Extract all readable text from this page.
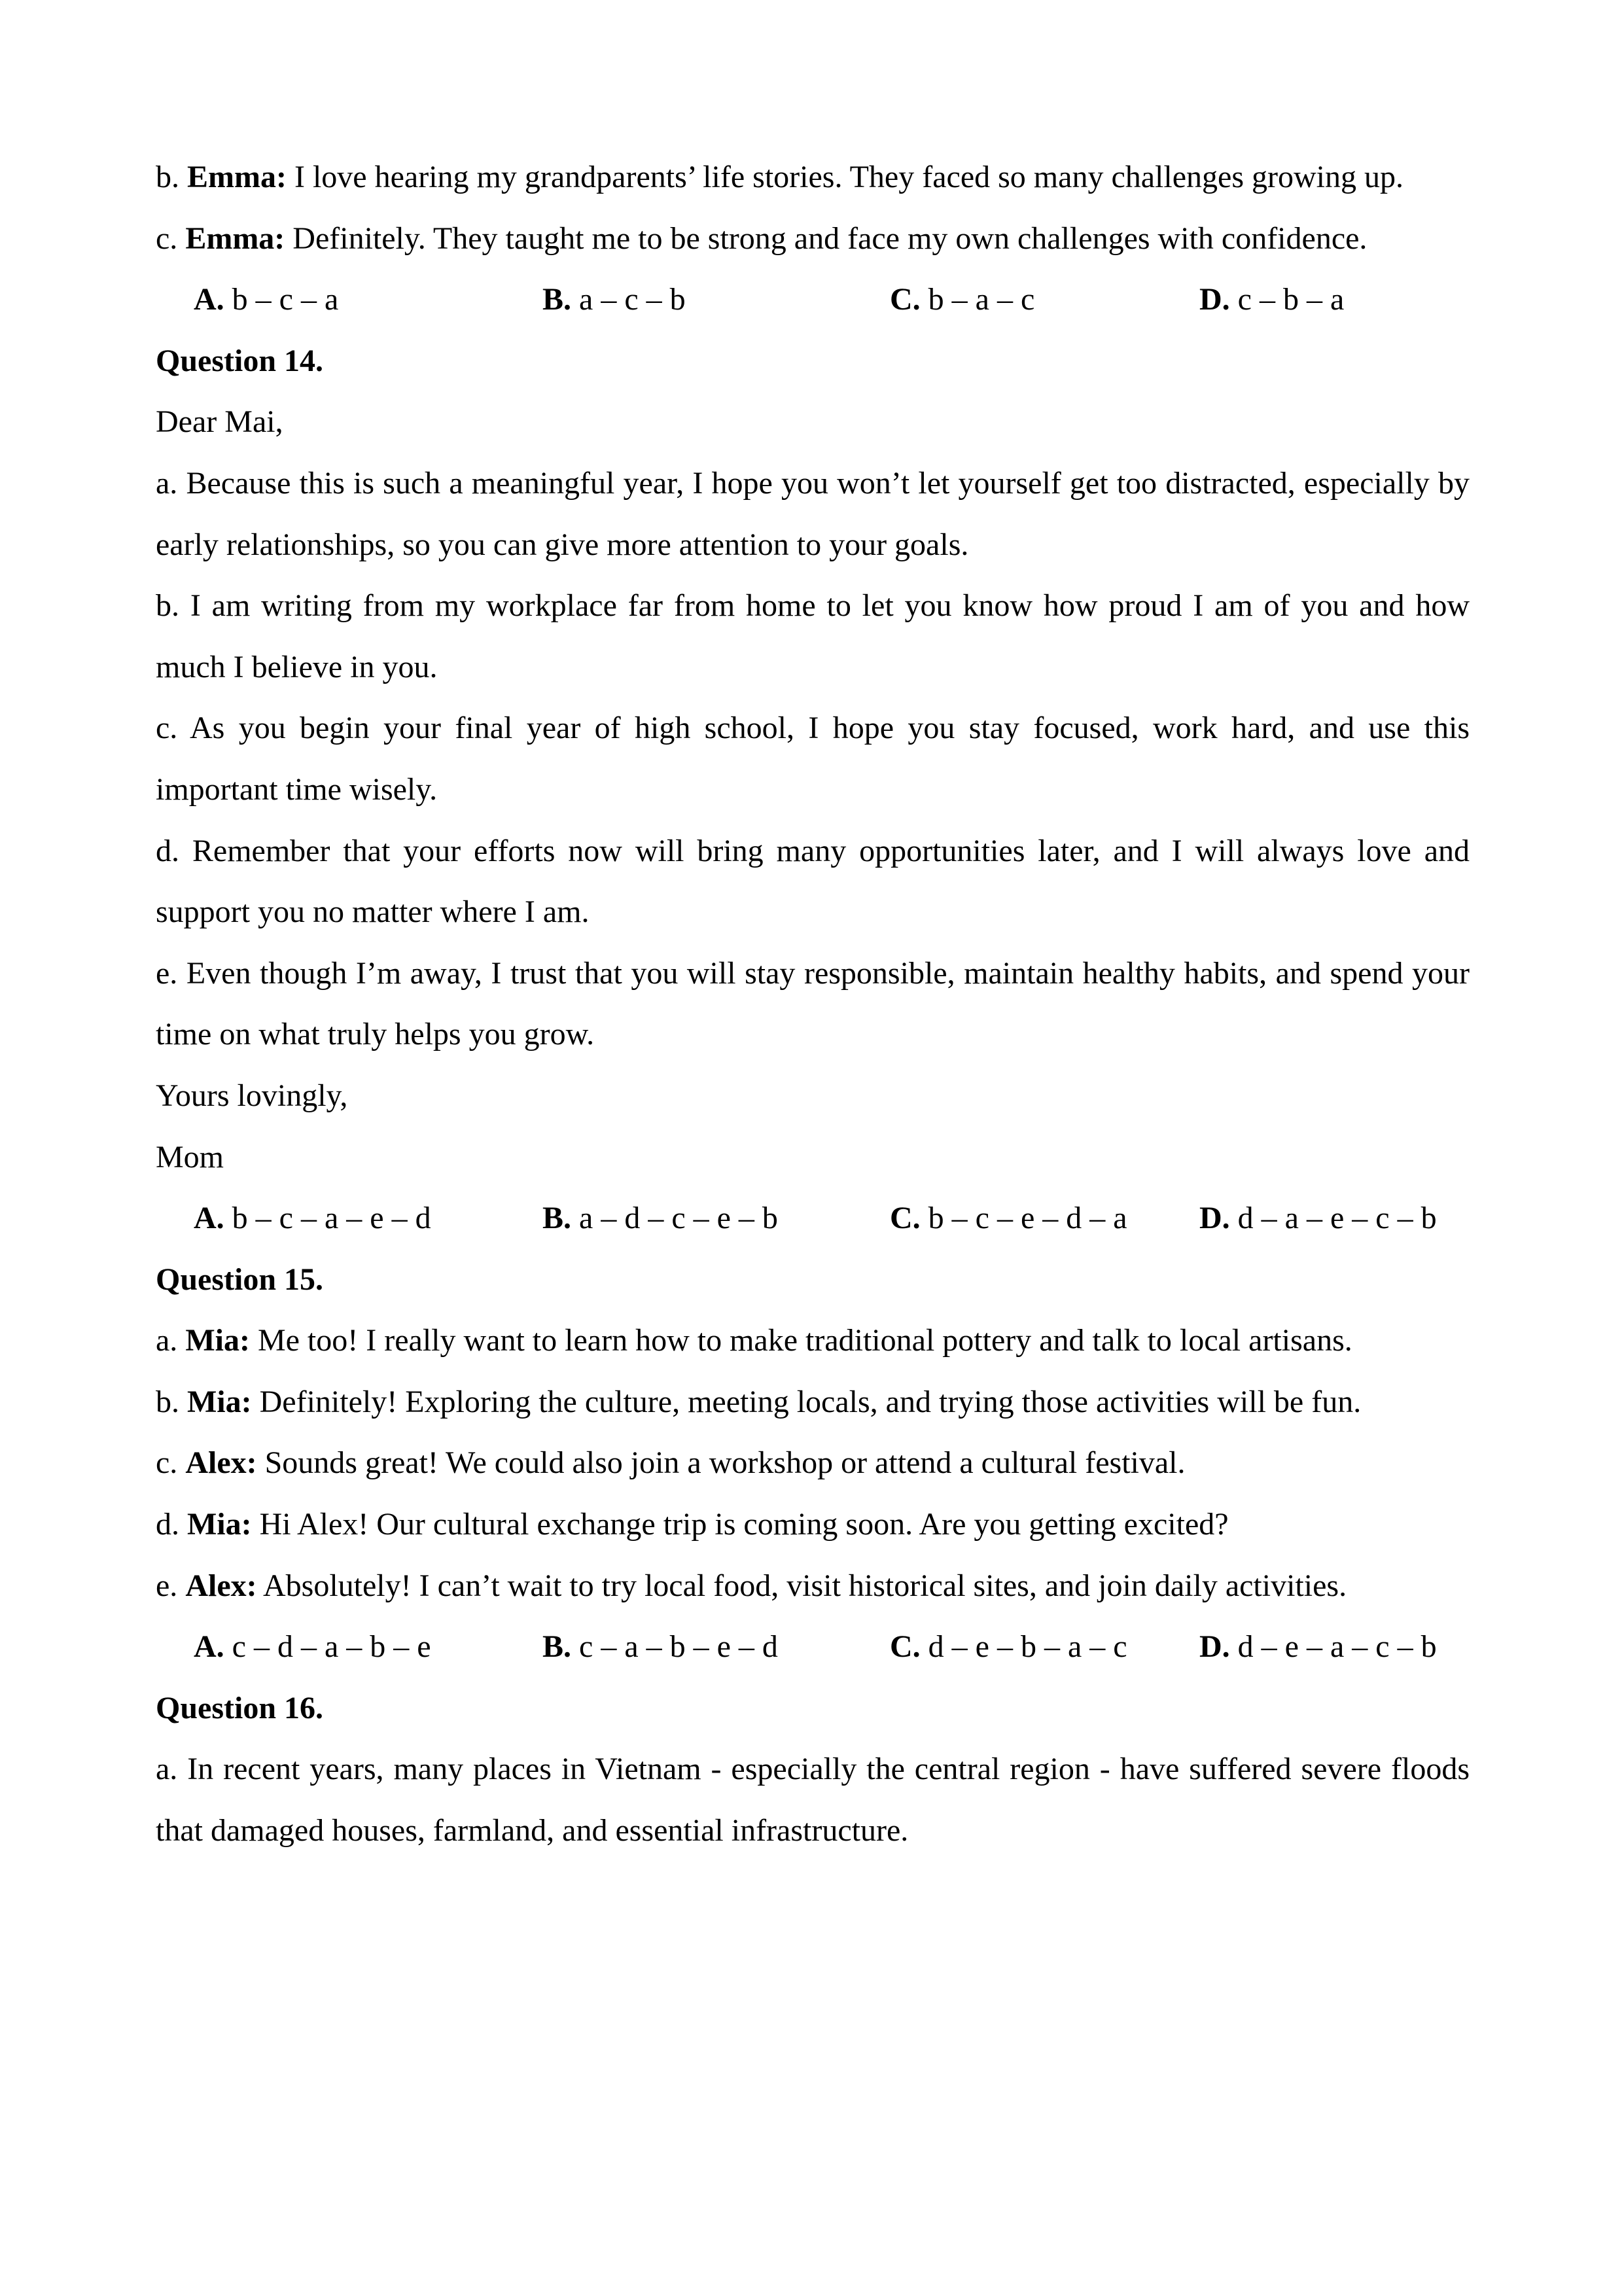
b. Emma: I love hearing my grandparents’ life stories. They faced so many challenges growing up.

c. Emma: Definitely. They taught me to be strong and face my own challenges with confidence.

A. b – c – a	B. a – c – b	C. b – a – c	D. c – b – a

Question 14.

Dear Mai,

a. Because this is such a meaningful year, I hope you won’t let yourself get too distracted, especially by early relationships, so you can give more attention to your goals.

b. I am writing from my workplace far from home to let you know how proud I am of you and how much I believe in you.

c. As you begin your final year of high school, I hope you stay focused, work hard, and use this important time wisely.

d. Remember that your efforts now will bring many opportunities later, and I will always love and support you no matter where I am.

e. Even though I’m away, I trust that you will stay responsible, maintain healthy habits, and spend your time on what truly helps you grow.

Yours lovingly,

Mom

A. b – c – a – e – d	B. a – d – c – e – b	C. b – c – e – d – a D. d – a – e – c – b

Question 15.

a. Mia: Me too! I really want to learn how to make traditional pottery and talk to local artisans.

b. Mia: Definitely! Exploring the culture, meeting locals, and trying those activities will be fun.

c. Alex: Sounds great! We could also join a workshop or attend a cultural festival.

d. Mia: Hi Alex! Our cultural exchange trip is coming soon. Are you getting excited?

e. Alex: Absolutely! I can’t wait to try local food, visit historical sites, and join daily activities.

A. c – d – a – b – e	B. c – a – b – e – d	C. d – e – b – a – c D. d – e – a – c – b

Question 16.

a. In recent years, many places in Vietnam - especially the central region - have suffered severe floods that damaged houses, farmland, and essential infrastructure.
